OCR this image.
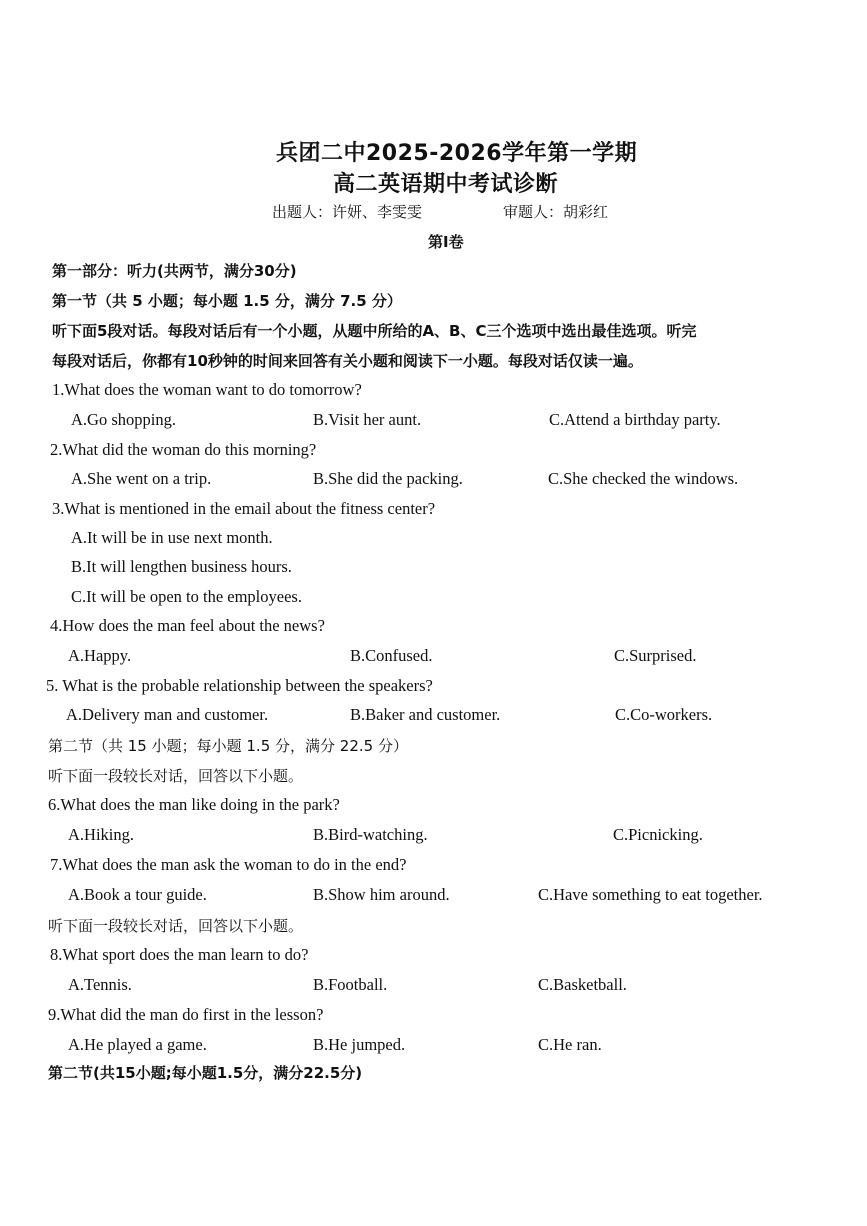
兵团二中2025-2026学年第一学期
高二英语期中考试诊断
出题人：许妍、李雯雯	审题人：胡彩红
第Ⅰ卷
第一部分：听力(共两节，满分30分)
第一节（共 5 小题；每小题 1.5 分，满分 7.5 分）
听下面5段对话。每段对话后有一个小题，从题中所给的A、B、C三个选项中选出最佳选项。听完
每段对话后，你都有10秒钟的时间来回答有关小题和阅读下一小题。每段对话仅读一遍。
1.What does the woman want to do tomorrow?
A.Go shopping.	B.Visit her aunt.	C.Attend a birthday party.
2.What did the woman do this morning?
A.She went on a trip.	B.She did the packing.	C.She checked the windows.
3.What is mentioned in the email about the fitness center?
A.It will be in use next month.
B.It will lengthen business hours.
C.It will be open to the employees.
4.How does the man feel about the news?
A.Happy.	B.Confused.	C.Surprised.
5. What is the probable relationship between the speakers?
A.Delivery man and customer.	B.Baker and customer.	C.Co-workers.
第二节（共 15 小题；每小题 1.5 分，满分 22.5 分）
听下面一段较长对话，回答以下小题。
6.What does the man like doing in the park?
A.Hiking.	B.Bird-watching.	C.Picnicking.
7.What does the man ask the woman to do in the end?
A.Book a tour guide.	B.Show him around.	C.Have something to eat together.
听下面一段较长对话，回答以下小题。
8.What sport does the man learn to do?
A.Tennis.	B.Football.	C.Basketball.
9.What did the man do first in the lesson?
A.He played a game.	B.He jumped.	C.He ran.
第二节(共15小题;每小题1.5分，满分22.5分)
